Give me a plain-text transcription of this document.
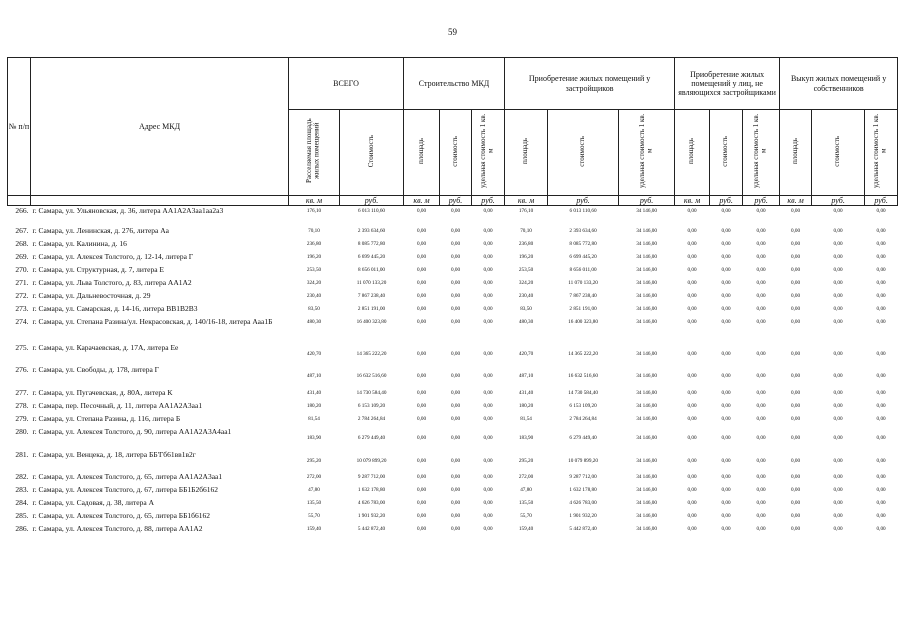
59
№ п/п	Адрес МКД	ВСЕГО		Строительство МКД			Приобретение жилых помещений у застройщиков			Приобретение жилых помещений у лиц, не являющихся застройщиками			Выкуп жилых помещений у собственников		
		Расселяемая площадь жилых помещений	Стоимость	площадь	стоимость	удельная стоимость 1 кв. м	площадь	стоимость	удельная стоимость 1 кв. м	площадь	стоимость	удельная стоимость 1 кв. м	площадь	стоимость	удельная стоимость 1 кв. м
		кв. м	руб.	кв. м	руб.	руб.	кв. м	руб.	руб.	кв. м	руб.	руб.	кв. м	руб.	руб.
266.	г. Самара, ул. Ульяновская, д. 36, литера АА1А2А3аа1аа2а3	176,10	6 013 110,60	0,00	0,00	0,00	176,10	6 013 110,60	34 146,00	0,00	0,00	0,00	0,00	0,00	0,00
267.	г. Самара, ул. Ленинская, д. 276, литера Аа	70,10	2 393 634,60	0,00	0,00	0,00	70,10	2 393 634,60	34 146,00	0,00	0,00	0,00	0,00	0,00	0,00
268.	г. Самара, ул. Калинина, д. 16	236,80	8 085 772,80	0,00	0,00	0,00	236,80	8 085 772,80	34 146,00	0,00	0,00	0,00	0,00	0,00	0,00
269.	г. Самара, ул. Алексея Толстого, д. 12-14, литера Г	196,20	6 699 445,20	0,00	0,00	0,00	196,20	6 699 445,20	34 146,00	0,00	0,00	0,00	0,00	0,00	0,00
270.	г. Самара, ул. Структурная, д. 7, литера Е	253,50	8 656 011,00	0,00	0,00	0,00	253,50	8 656 011,00	34 146,00	0,00	0,00	0,00	0,00	0,00	0,00
271.	г. Самара, ул. Льва Толстого, д. 83, литера АА1А2	324,20	11 070 133,20	0,00	0,00	0,00	324,20	11 070 133,20	34 146,00	0,00	0,00	0,00	0,00	0,00	0,00
272.	г. Самара, ул. Дальневосточная, д. 29	230,40	7 867 238,40	0,00	0,00	0,00	230,40	7 867 238,40	34 146,00	0,00	0,00	0,00	0,00	0,00	0,00
273.	г. Самара, ул. Самарская, д. 14-16, литера ВВ1В2В3	83,50	2 851 191,00	0,00	0,00	0,00	83,50	2 851 191,00	34 146,00	0,00	0,00	0,00	0,00	0,00	0,00
274.	г. Самара, ул. Степана Разина/ул. Некрасовская, д. 140/16-18, литера Ааа1Б	480,30	16 400 323,80	0,00	0,00	0,00	480,30	16 400 323,80	34 146,00	0,00	0,00	0,00	0,00	0,00	0,00
275.	г. Самара, ул. Карачаевская, д. 17А, литера Ее	420,70	14 365 222,20	0,00	0,00	0,00	420,70	14 365 222,20	34 146,00	0,00	0,00	0,00	0,00	0,00	0,00
276.	г. Самара, ул. Свободы, д. 178, литера Г	487,10	16 632 516,60	0,00	0,00	0,00	487,10	16 632 516,60	34 146,00	0,00	0,00	0,00	0,00	0,00	0,00
277.	г. Самара, ул. Пугачевская, д. 80А, литера К	431,40	14 730 584,40	0,00	0,00	0,00	431,40	14 730 584,40	34 146,00	0,00	0,00	0,00	0,00	0,00	0,00
278.	г. Самара, пер. Песочный, д. 11, литера АА1А2А3аа1	180,20	6 153 109,20	0,00	0,00	0,00	180,20	6 153 109,20	34 146,00	0,00	0,00	0,00	0,00	0,00	0,00
279.	г. Самара, ул. Степана Разина, д. 116, литера Б	81,54	2 784 264,84	0,00	0,00	0,00	81,54	2 784 264,84	34 146,00	0,00	0,00	0,00	0,00	0,00	0,00
280.	г. Самара, ул. Алексея Толстого, д. 90, литера АА1А2А3А4аа1	183,90	6 279 449,40	0,00	0,00	0,00	183,90	6 279 449,40	34 146,00	0,00	0,00	0,00	0,00	0,00	0,00
281.	г. Самара, ул. Венцека, д. 18, литера ББ'Гб61вв1в2г	295,20	10 079 899,20	0,00	0,00	0,00	295,20	10 079 899,20	34 146,00	0,00	0,00	0,00	0,00	0,00	0,00
282.	г. Самара, ул. Алексея Толстого, д. 65, литера АА1А2А3аа1	272,00	9 287 712,00	0,00	0,00	0,00	272,00	9 287 712,00	34 146,00	0,00	0,00	0,00	0,00	0,00	0,00
283.	г. Самара, ул. Алексея Толстого, д. 67, литера ББ1Б2б6162	47,80	1 632 178,80	0,00	0,00	0,00	47,80	1 632 178,80	34 146,00	0,00	0,00	0,00	0,00	0,00	0,00
284.	г. Самара, ул. Садовая, д. 38, литера А	135,50	4 626 783,00	0,00	0,00	0,00	135,50	4 626 783,00	34 146,00	0,00	0,00	0,00	0,00	0,00	0,00
285.	г. Самара, ул. Алексея Толстого, д. 65, литера ББ1б6162	55,70	1 901 932,20	0,00	0,00	0,00	55,70	1 901 932,20	34 146,00	0,00	0,00	0,00	0,00	0,00	0,00
286.	г. Самара, ул. Алексея Толстого, д. 88, литера АА1А2	159,40	5 442 872,40	0,00	0,00	0,00	159,40	5 442 872,40	34 146,00	0,00	0,00	0,00	0,00	0,00	0,00
